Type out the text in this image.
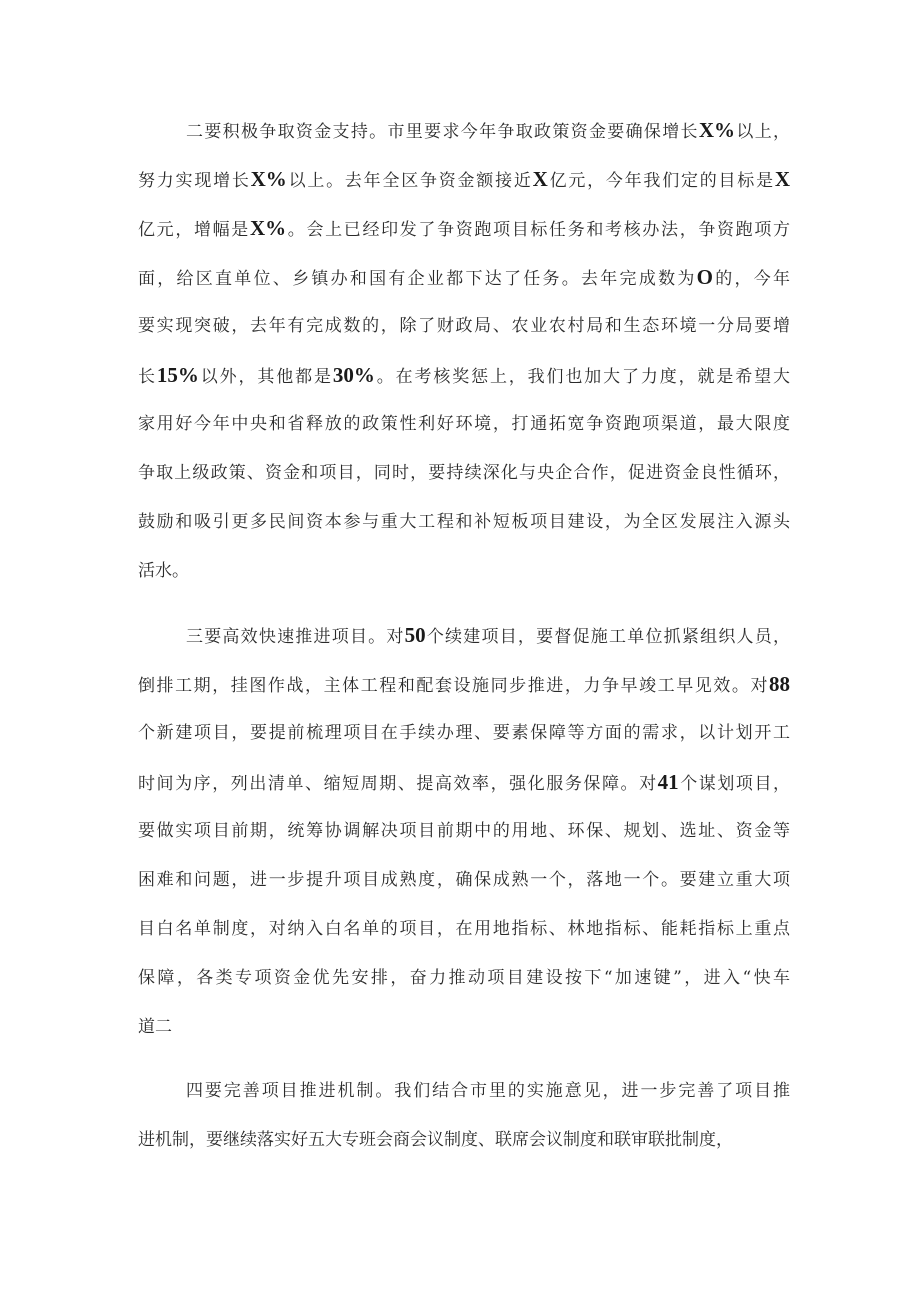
二要积极争取资金支持。市里要求今年争取政策资金要确保增长X%以上，
努力实现增长X%以上。去年全区争资金额接近X亿元，今年我们定的目标是X
亿元，增幅是X%。会上已经印发了争资跑项目标任务和考核办法，争资跑项方
面，给区直单位、乡镇办和国有企业都下达了任务。去年完成数为O的，今年
要实现突破，去年有完成数的，除了财政局、农业农村局和生态环境一分局要增
长15%以外，其他都是30%。在考核奖惩上，我们也加大了力度，就是希望大
家用好今年中央和省释放的政策性利好环境，打通拓宽争资跑项渠道，最大限度
争取上级政策、资金和项目，同时，要持续深化与央企合作，促进资金良性循环，
鼓励和吸引更多民间资本参与重大工程和补短板项目建设，为全区发展注入源头
活水。
三要高效快速推进项目。对50个续建项目，要督促施工单位抓紧组织人员，
倒排工期，挂图作战，主体工程和配套设施同步推进，力争早竣工早见效。对88
个新建项目，要提前梳理项目在手续办理、要素保障等方面的需求，以计划开工
时间为序，列出清单、缩短周期、提高效率，强化服务保障。对41个谋划项目，
要做实项目前期，统筹协调解决项目前期中的用地、环保、规划、选址、资金等
困难和问题，进一步提升项目成熟度，确保成熟一个，落地一个。要建立重大项
目白名单制度，对纳入白名单的项目，在用地指标、林地指标、能耗指标上重点
保障，各类专项资金优先安排，奋力推动项目建设按下“加速键”，进入“快车
道二
四要完善项目推进机制。我们结合市里的实施意见，进一步完善了项目推
进机制，要继续落实好五大专班会商会议制度、联席会议制度和联审联批制度，
